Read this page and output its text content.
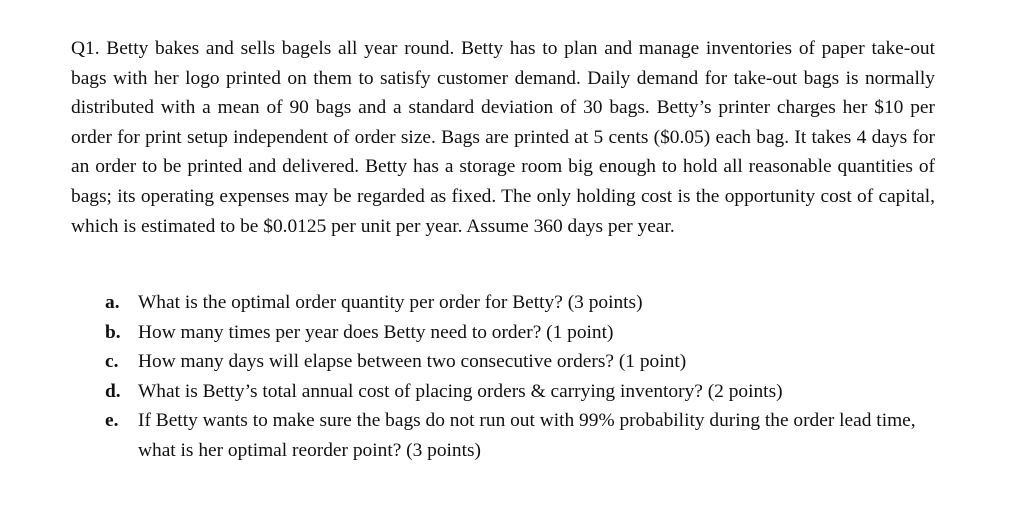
Q1. Betty bakes and sells bagels all year round. Betty has to plan and manage inventories of paper take-out bags with her logo printed on them to satisfy customer demand. Daily demand for take-out bags is normally distributed with a mean of 90 bags and a standard deviation of 30 bags. Betty’s printer charges her $10 per order for print setup independent of order size. Bags are printed at 5 cents ($0.05) each bag. It takes 4 days for an order to be printed and delivered. Betty has a storage room big enough to hold all reasonable quantities of bags; its operating expenses may be regarded as fixed. The only holding cost is the opportunity cost of capital, which is estimated to be $0.0125 per unit per year. Assume 360 days per year.

a. What is the optimal order quantity per order for Betty? (3 points)
b. How many times per year does Betty need to order? (1 point)
c. How many days will elapse between two consecutive orders? (1 point)
d. What is Betty’s total annual cost of placing orders & carrying inventory? (2 points)
e. If Betty wants to make sure the bags do not run out with 99% probability during the order lead time, what is her optimal reorder point? (3 points)
